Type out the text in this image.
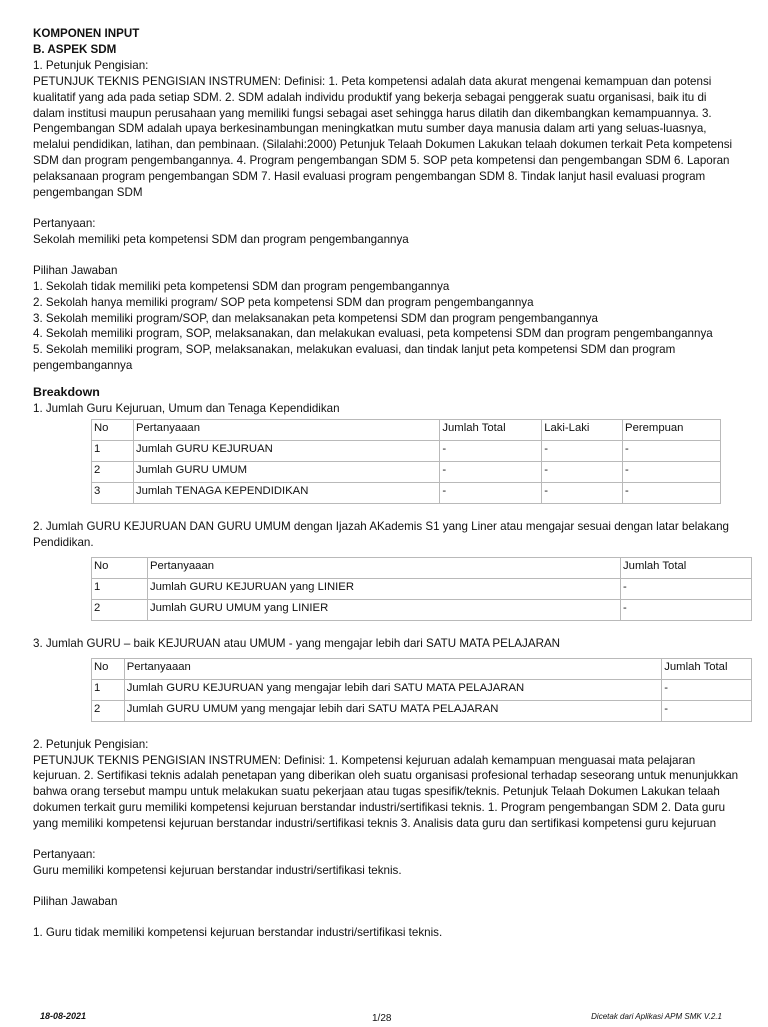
KOMPONEN INPUT

B. ASPEK SDM

1. Petunjuk Pengisian:

PETUNJUK TEKNIS PENGISIAN INSTRUMEN: Definisi: 1. Peta kompetensi adalah data akurat mengenai kemampuan dan potensi kualitatif yang ada pada setiap SDM. 2. SDM adalah individu produktif yang bekerja sebagai penggerak suatu organisasi, baik itu di dalam institusi maupun perusahaan yang memiliki fungsi sebagai aset sehingga harus dilatih dan dikembangkan kemampuannya. 3. Pengembangan SDM adalah upaya berkesinambungan meningkatkan mutu sumber daya manusia dalam arti yang seluas-luasnya, melalui pendidikan, latihan, dan pembinaan. (Silalahi:2000) Petunjuk Telaah Dokumen Lakukan telaah dokumen terkait Peta kompetensi SDM dan program pengembangannya. 4. Program pengembangan SDM 5. SOP peta kompetensi dan pengembangan SDM 6. Laporan pelaksanaan program pengembangan SDM 7. Hasil evaluasi program pengembangan SDM 8. Tindak lanjut hasil evaluasi program pengembangan SDM

Pertanyaan:

Sekolah memiliki peta kompetensi SDM dan program pengembangannya

Pilihan Jawaban

1. Sekolah tidak memiliki peta kompetensi SDM dan program pengembangannya

2. Sekolah hanya memiliki program/ SOP peta kompetensi SDM dan program pengembangannya

3. Sekolah memiliki program/SOP, dan melaksanakan peta kompetensi SDM dan program pengembangannya

4. Sekolah memiliki program, SOP, melaksanakan, dan melakukan evaluasi, peta kompetensi SDM dan program pengembangannya

5. Sekolah memiliki program, SOP, melaksanakan, melakukan evaluasi, dan tindak lanjut peta kompetensi SDM dan program pengembangannya

Breakdown

1. Jumlah Guru Kejuruan, Umum dan Tenaga Kependidikan

No	Pertanyaaan	Jumlah Total	Laki-Laki	Perempuan
1	Jumlah GURU KEJURUAN	-	-	-
2	Jumlah GURU UMUM	-	-	-
3	Jumlah TENAGA KEPENDIDIKAN	-	-	-

2. Jumlah GURU KEJURUAN DAN GURU UMUM dengan Ijazah AKademis S1 yang Liner atau mengajar sesuai dengan latar belakang Pendidikan.

No	Pertanyaaan	Jumlah Total
1	Jumlah GURU KEJURUAN yang LINIER	-
2	Jumlah GURU UMUM yang LINIER	-

3. Jumlah GURU – baik KEJURUAN atau UMUM - yang mengajar lebih dari SATU MATA PELAJARAN

No	Pertanyaaan	Jumlah Total
1	Jumlah GURU KEJURUAN yang mengajar lebih dari SATU MATA PELAJARAN	-
2	Jumlah GURU UMUM yang mengajar lebih dari SATU MATA PELAJARAN	-

2. Petunjuk Pengisian:

PETUNJUK TEKNIS PENGISIAN INSTRUMEN: Definisi: 1. Kompetensi kejuruan adalah kemampuan menguasai mata pelajaran kejuruan. 2. Sertifikasi teknis adalah penetapan yang diberikan oleh suatu organisasi profesional terhadap seseorang untuk menunjukkan bahwa orang tersebut mampu untuk melakukan suatu pekerjaan atau tugas spesifik/teknis. Petunjuk Telaah Dokumen Lakukan telaah dokumen terkait guru memiliki kompetensi kejuruan berstandar industri/sertifikasi teknis. 1. Program pengembangan SDM 2. Data guru yang memiliki kompetensi kejuruan berstandar industri/sertifikasi teknis 3. Analisis data guru dan sertifikasi kompetensi guru kejuruan

Pertanyaan:

Guru memiliki kompetensi kejuruan berstandar industri/sertifikasi teknis.

Pilihan Jawaban

1. Guru tidak memiliki kompetensi kejuruan berstandar industri/sertifikasi teknis.

18-08-2021	1/28	Dicetak dari Aplikasi APM SMK V.2.1
